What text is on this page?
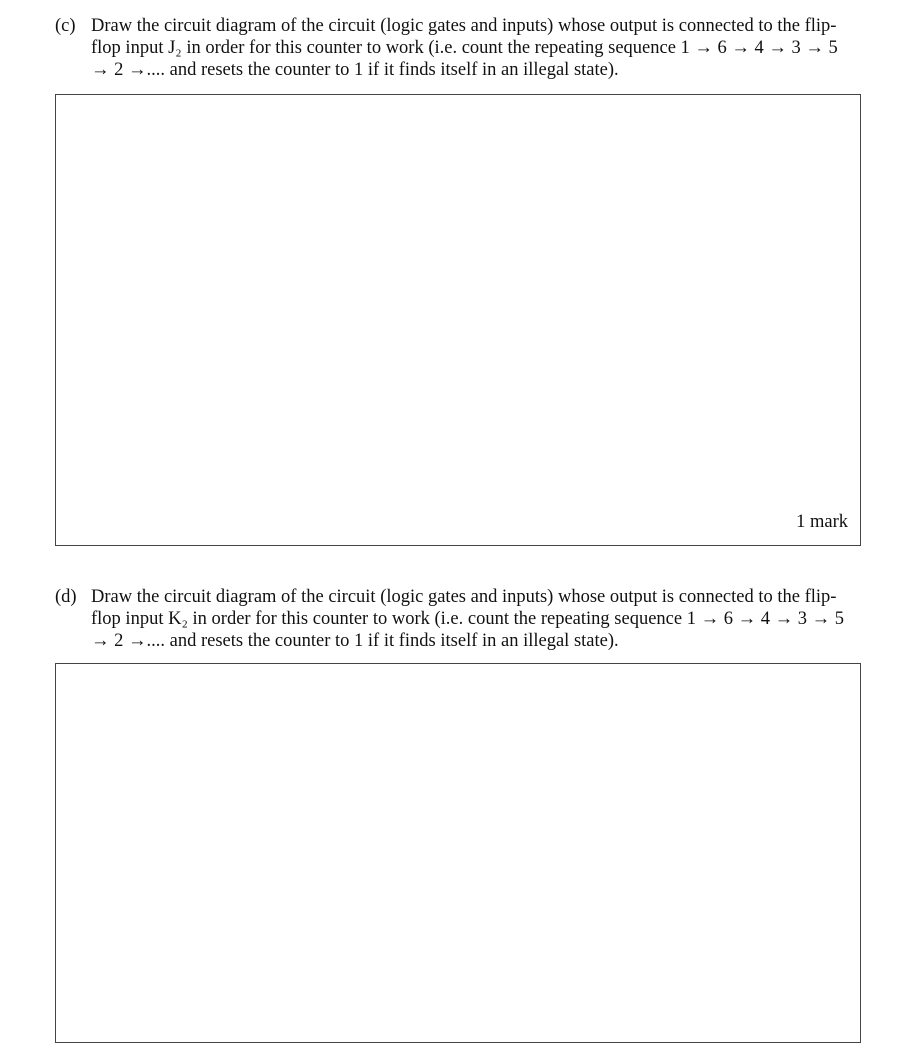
(c) Draw the circuit diagram of the circuit (logic gates and inputs) whose output is connected to the flip-
flop input J₂ in order for this counter to work (i.e. count the repeating sequence 1 → 6 → 4 → 3 → 5
→ 2 →.... and resets the counter to 1 if it finds itself in an illegal state).
1 mark
(d) Draw the circuit diagram of the circuit (logic gates and inputs) whose output is connected to the flip-
flop input K₂ in order for this counter to work (i.e. count the repeating sequence 1 → 6 → 4 → 3 → 5
→ 2 →.... and resets the counter to 1 if it finds itself in an illegal state).
